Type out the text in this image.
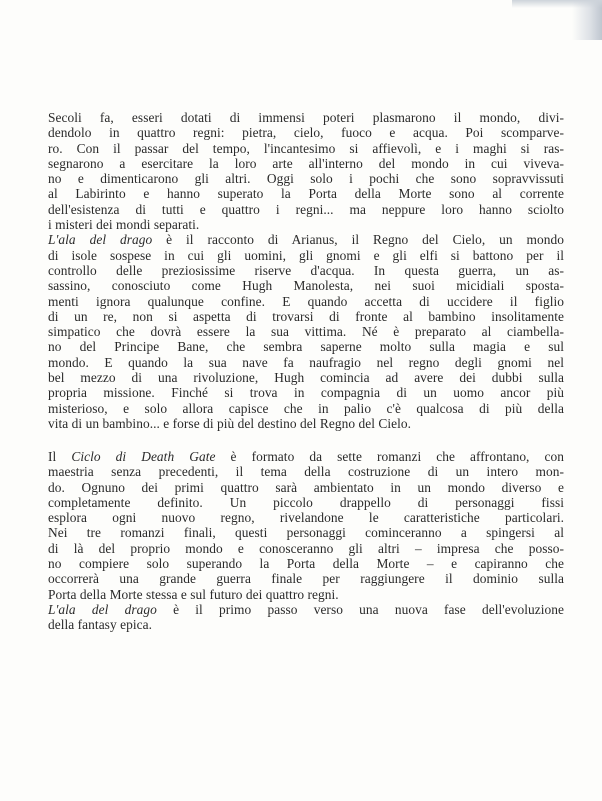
Secoli fa, esseri dotati di immensi poteri plasmarono il mondo, divi-
dendolo in quattro regni: pietra, cielo, fuoco e acqua. Poi scomparve-
ro. Con il passar del tempo, l'incantesimo si affievolì, e i maghi si ras-
segnarono a esercitare la loro arte all'interno del mondo in cui viveva-
no e dimenticarono gli altri. Oggi solo i pochi che sono sopravvissuti
al Labirinto e hanno superato la Porta della Morte sono al corrente
dell'esistenza di tutti e quattro i regni... ma neppure loro hanno sciolto
i misteri dei mondi separati.
L'ala del drago è il racconto di Arianus, il Regno del Cielo, un mondo
di isole sospese in cui gli uomini, gli gnomi e gli elfi si battono per il
controllo delle preziosissime riserve d'acqua. In questa guerra, un as-
sassino, conosciuto come Hugh Manolesta, nei suoi micidiali sposta-
menti ignora qualunque confine. E quando accetta di uccidere il figlio
di un re, non si aspetta di trovarsi di fronte al bambino insolitamente
simpatico che dovrà essere la sua vittima. Né è preparato al ciambella-
no del Principe Bane, che sembra saperne molto sulla magia e sul
mondo. E quando la sua nave fa naufragio nel regno degli gnomi nel
bel mezzo di una rivoluzione, Hugh comincia ad avere dei dubbi sulla
propria missione. Finché si trova in compagnia di un uomo ancor più
misterioso, e solo allora capisce che in palio c'è qualcosa di più della
vita di un bambino... e forse di più del destino del Regno del Cielo.
Il Ciclo di Death Gate è formato da sette romanzi che affrontano, con
maestria senza precedenti, il tema della costruzione di un intero mon-
do. Ognuno dei primi quattro sarà ambientato in un mondo diverso e
completamente definito. Un piccolo drappello di personaggi fissi
esplora ogni nuovo regno, rivelandone le caratteristiche particolari.
Nei tre romanzi finali, questi personaggi cominceranno a spingersi al
di là del proprio mondo e conosceranno gli altri – impresa che posso-
no compiere solo superando la Porta della Morte – e capiranno che
occorrerà una grande guerra finale per raggiungere il dominio sulla
Porta della Morte stessa e sul futuro dei quattro regni.
L'ala del drago è il primo passo verso una nuova fase dell'evoluzione
della fantasy epica.
